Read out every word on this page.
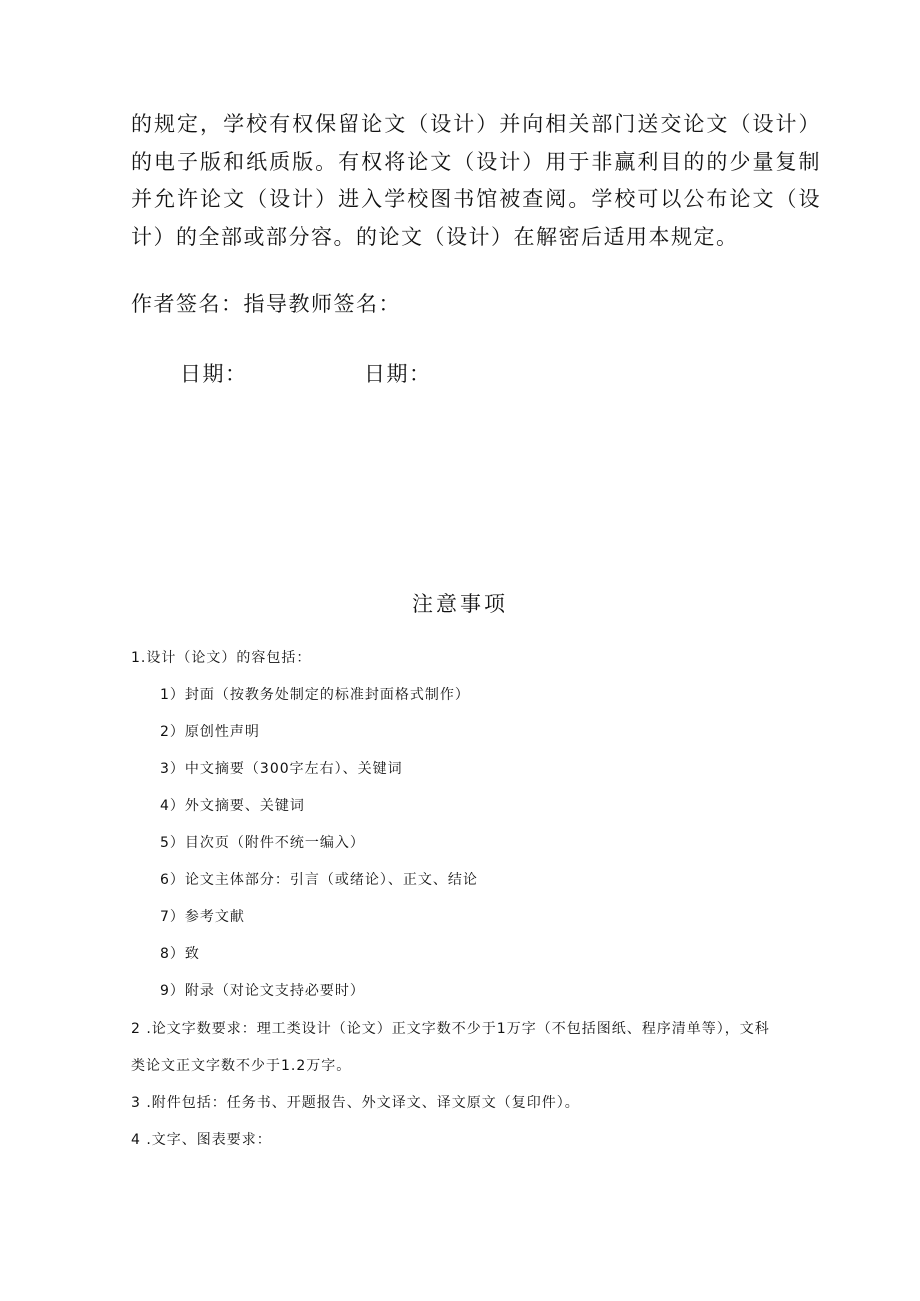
的规定，学校有权保留论文（设计）并向相关部门送交论文（设计）的电子版和纸质版。有权将论文（设计）用于非赢利目的的少量复制并允许论文（设计）进入学校图书馆被查阅。学校可以公布论文（设计）的全部或部分容。的论文（设计）在解密后适用本规定。
作者签名：指导教师签名：
日期：	日期：
注意事项
1.设计（论文）的容包括：
1）封面（按教务处制定的标准封面格式制作）
2）原创性声明
3）中文摘要（300字左右）、关键词
4）外文摘要、关键词
5）目次页（附件不统一编入）
6）论文主体部分：引言（或绪论）、正文、结论
7）参考文献
8）致
9）附录（对论文支持必要时）
2 .论文字数要求：理工类设计（论文）正文字数不少于1万字（不包括图纸、程序清单等），文科
类论文正文字数不少于1.2万字。
3 .附件包括：任务书、开题报告、外文译文、译文原文（复印件）。
4 .文字、图表要求：
